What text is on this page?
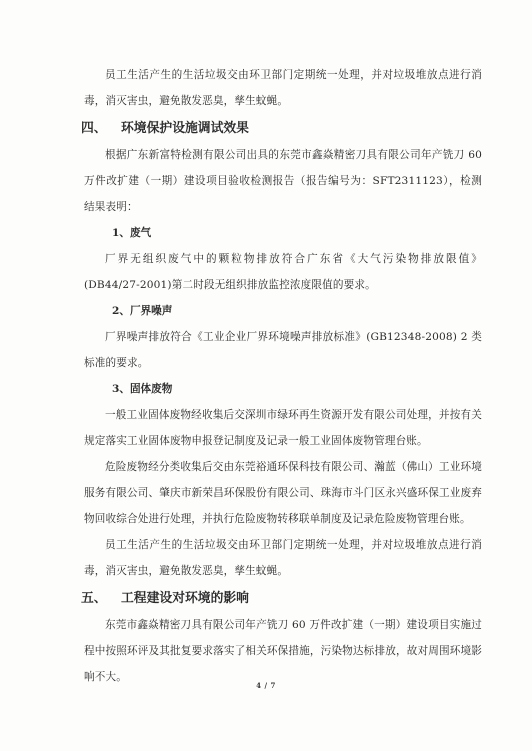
员工生活产生的生活垃圾交由环卫部门定期统一处理，并对垃圾堆放点进行消毒，消灭害虫，避免散发恶臭，孳生蚊蝇。

四、	环境保护设施调试效果

根据广东新富特检测有限公司出具的东莞市鑫焱精密刀具有限公司年产铣刀 60 万件改扩建（一期）建设项目验收检测报告（报告编号为：SFT2311123），检测结果表明：

1、废气

厂界无组织废气中的颗粒物排放符合广东省《大气污染物排放限值》(DB44/27-2001)第二时段无组织排放监控浓度限值的要求。

2、厂界噪声

厂界噪声排放符合《工业企业厂界环境噪声排放标准》(GB12348-2008) 2 类标准的要求。

3、固体废物

一般工业固体废物经收集后交深圳市绿环再生资源开发有限公司处理，并按有关规定落实工业固体废物申报登记制度及记录一般工业固体废物管理台账。

危险废物经分类收集后交由东莞裕通环保科技有限公司、瀚蓝（佛山）工业环境服务有限公司、肇庆市新荣昌环保股份有限公司、珠海市斗门区永兴盛环保工业废弃物回收综合处进行处理，并执行危险废物转移联单制度及记录危险废物管理台账。

员工生活产生的生活垃圾交由环卫部门定期统一处理，并对垃圾堆放点进行消毒，消灭害虫，避免散发恶臭，孳生蚊蝇。

五、	工程建设对环境的影响

东莞市鑫焱精密刀具有限公司年产铣刀 60 万件改扩建（一期）建设项目实施过程中按照环评及其批复要求落实了相关环保措施，污染物达标排放，故对周围环境影响不大。

4 / 7
